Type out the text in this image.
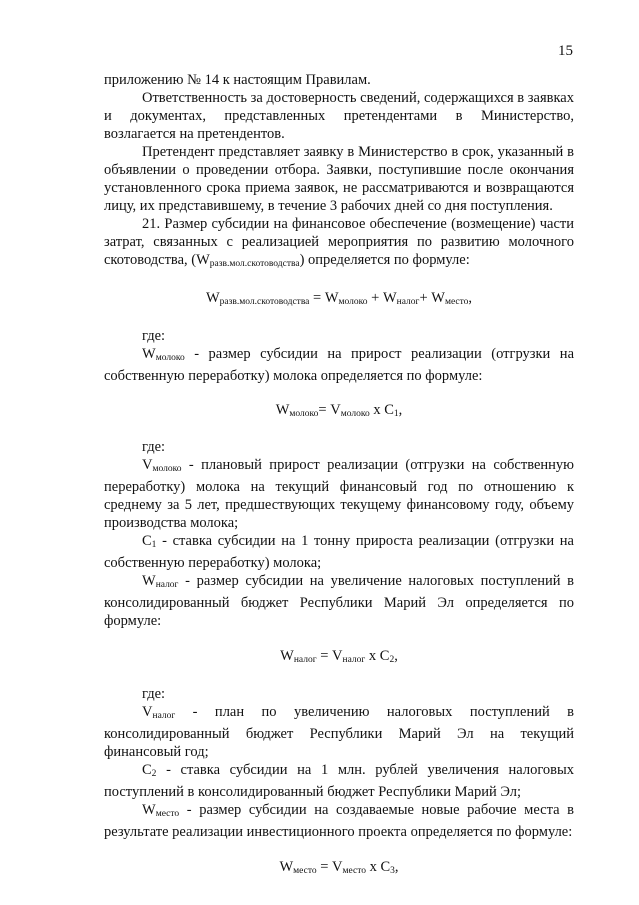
15

приложению № 14 к настоящим Правилам.

Ответственность за достоверность сведений, содержащихся в заявках и документах, представленных претендентами в Министерство, возлагается на претендентов.

Претендент представляет заявку в Министерство в срок, указанный в объявлении о проведении отбора. Заявки, поступившие после окончания установленного срока приема заявок, не рассматриваются и возвращаются лицу, их представившему, в течение 3 рабочих дней со дня поступления.

21. Размер субсидии на финансовое обеспечение (возмещение) части затрат, связанных с реализацией мероприятия по развитию молочного скотоводства, $(W_{разв.мол.скотоводства})$ определяется по формуле:

$W_{разв.мол.скотоводства} = W_{молоко} + W_{налог}+ W_{место}$,

где:

$W_{молоко}$ - размер субсидии на прирост реализации (отгрузки на собственную переработку) молока определяется по формуле:

$W_{молоко}= V_{молоко}$ х $C_1$,

где:

$V_{молоко}$ - плановый прирост реализации (отгрузки на собственную переработку) молока на текущий финансовый год по отношению к среднему за 5 лет, предшествующих текущему финансовому году, объему производства молока;

$C_1$ - ставка субсидии на 1 тонну прироста реализации (отгрузки на собственную переработку) молока;

$W_{налог}$ - размер субсидии на увеличение налоговых поступлений в консолидированный бюджет Республики Марий Эл определяется по формуле:

$W_{налог} = V_{налог}$ х $C_2$,

где:

$V_{налог}$ - план по увеличению налоговых поступлений в консолидированный бюджет Республики Марий Эл на текущий финансовый год;

$C_2$ - ставка субсидии на 1 млн. рублей увеличения налоговых поступлений в консолидированный бюджет Республики Марий Эл;

$W_{место}$ - размер субсидии на создаваемые новые рабочие места в результате реализации инвестиционного проекта определяется по формуле:

$W_{место} = V_{место}$ х $C_3$,
